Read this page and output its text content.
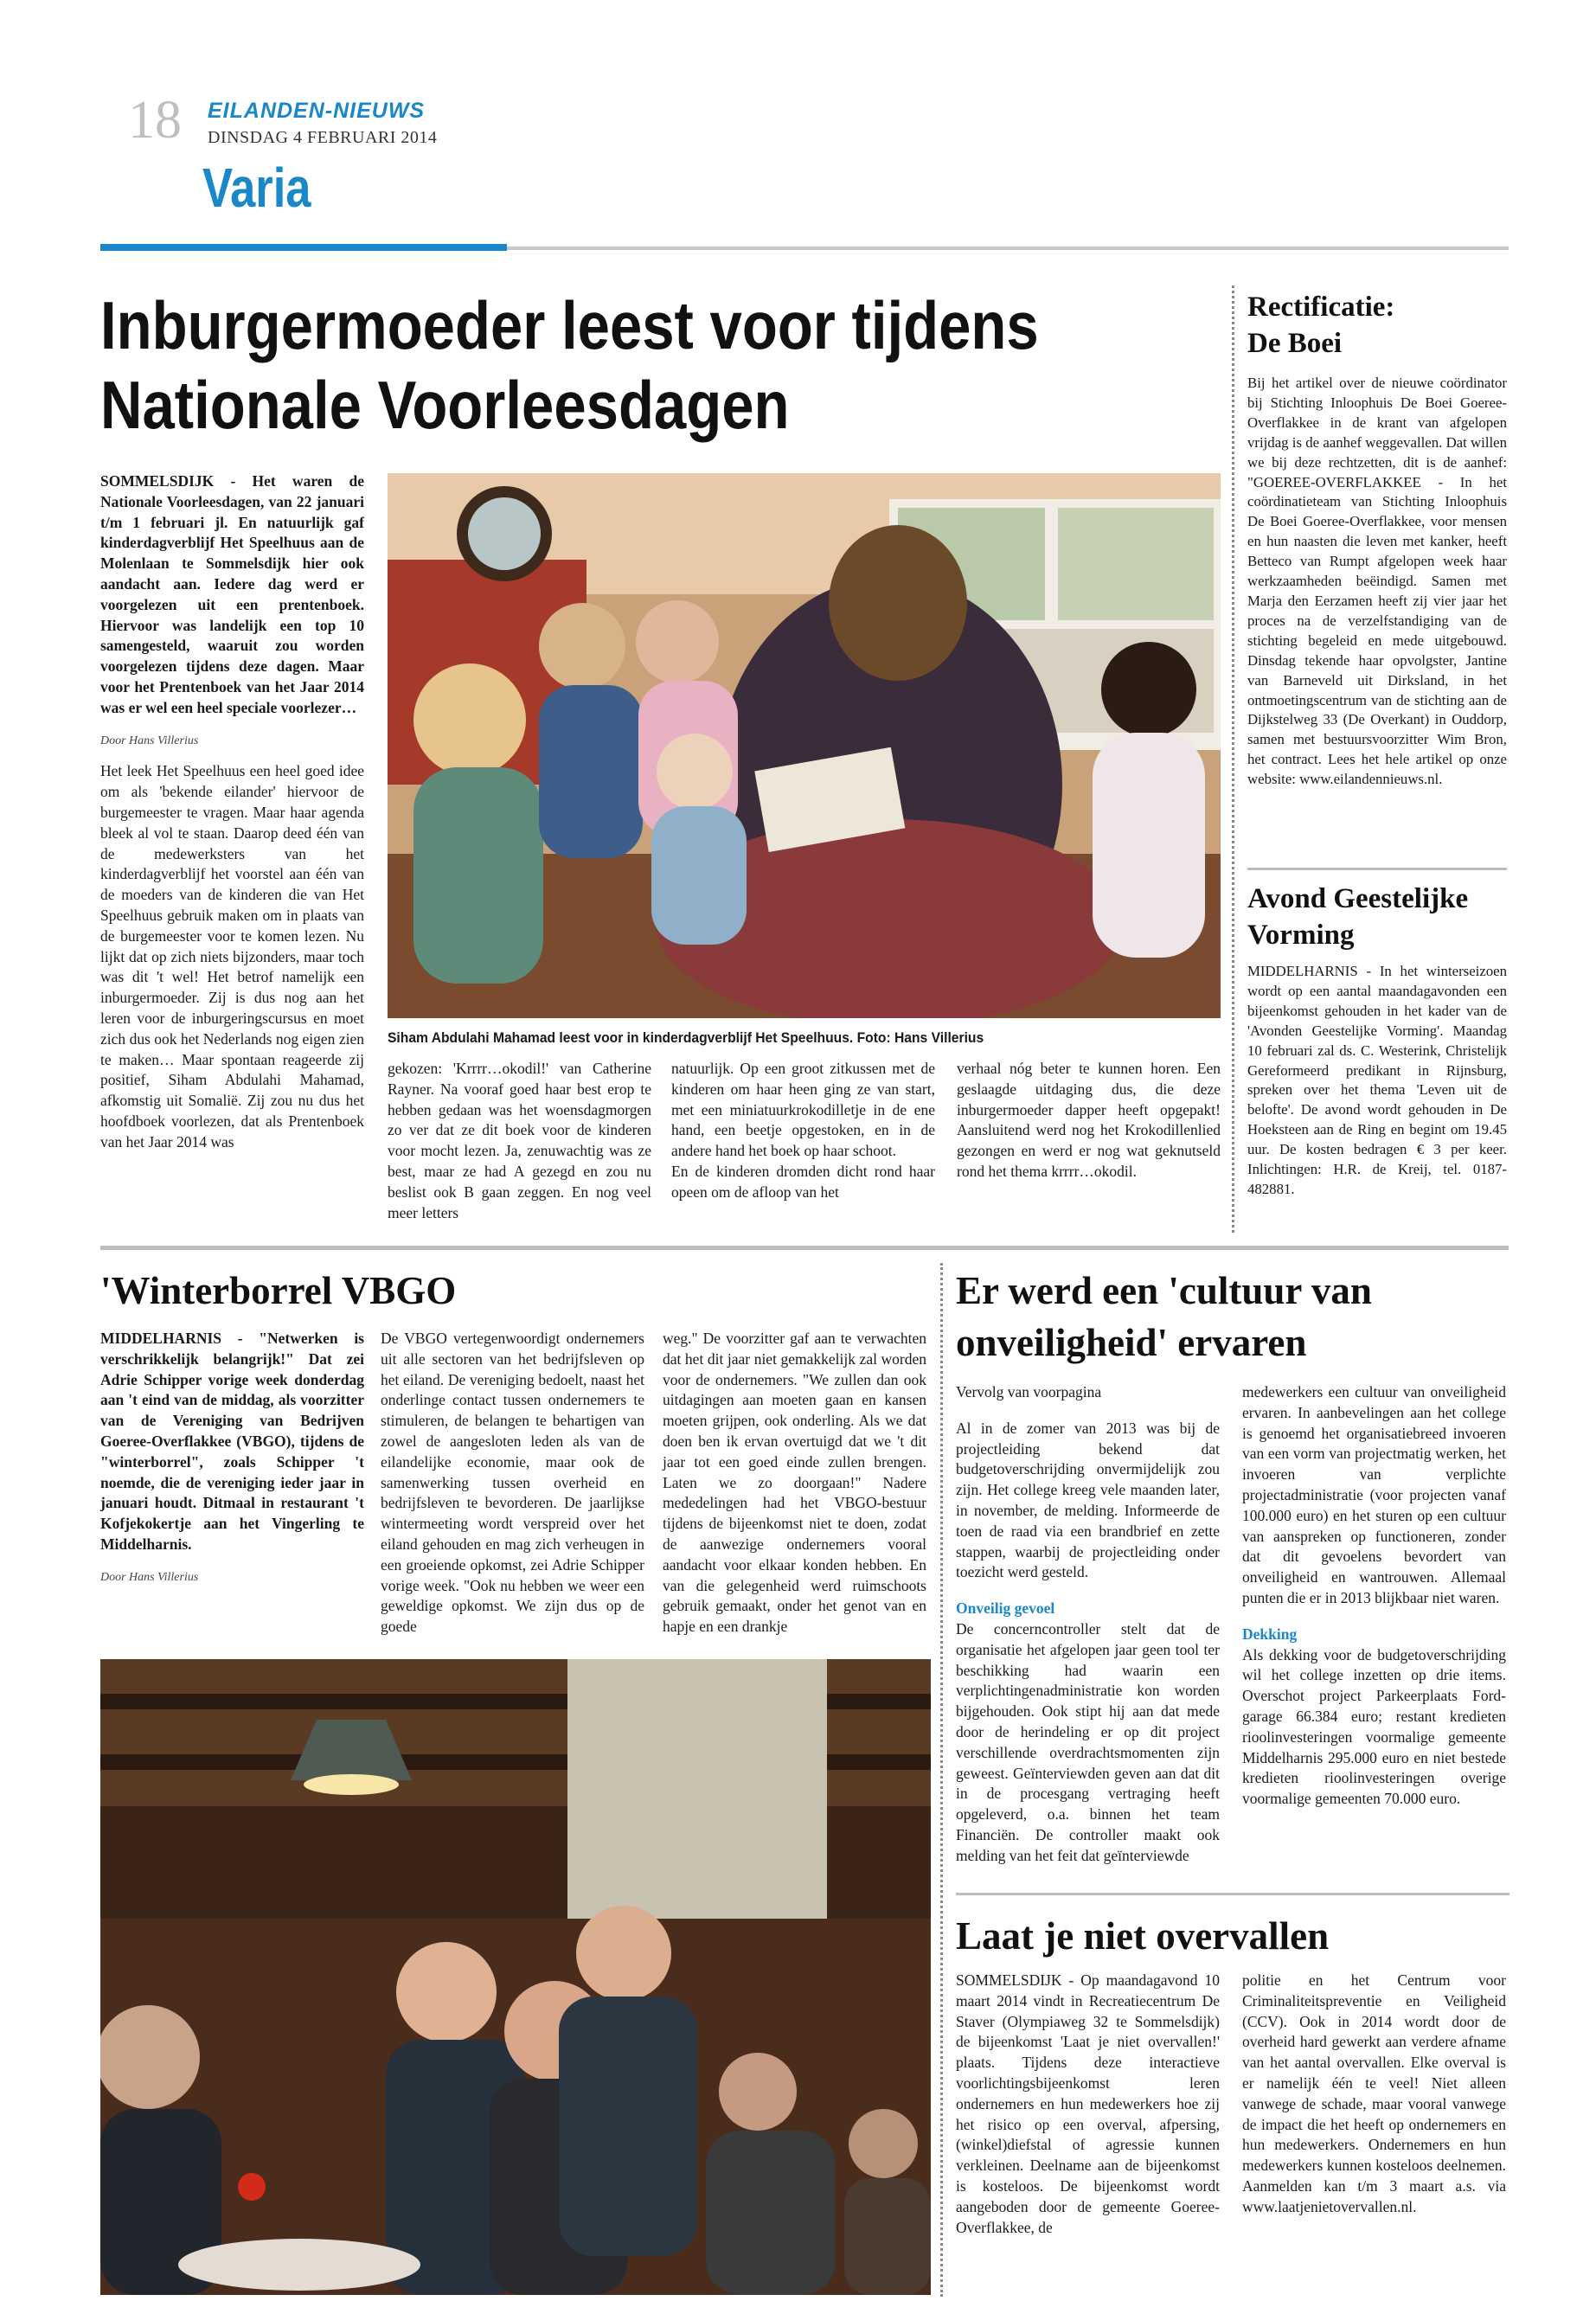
18 EILANDEN-NIEUWS
DINSDAG 4 FEBRUARI 2014
Varia
Inburgermoeder leest voor tijdens
Nationale Voorleesdagen

SOMMELSDIJK - Het waren de Nationale Voorleesdagen, van 22 januari t/m 1 februari jl. En natuurlijk gaf kinderdagverblijf Het Speelhuus aan de Molenlaan te Sommelsdijk hier ook aandacht aan. Iedere dag werd er voorgelezen uit een prentenboek. Hiervoor was landelijk een top 10 samengesteld, waaruit zou worden voorgelezen tijdens deze dagen. Maar voor het Prentenboek van het Jaar 2014 was er wel een heel speciale voorlezer…

Door Hans Villerius

Het leek Het Speelhuus een heel goed idee om als 'bekende eilander' hiervoor de burgemeester te vragen. Maar haar agenda bleek al vol te staan. Daarop deed één van de medewerksters van het kinderdagverblijf het voorstel aan één van de moeders van de kinderen die van Het Speelhuus gebruik maken om in plaats van de burgemeester voor te komen lezen. Nu lijkt dat op zich niets bijzonders, maar toch was dit 't wel! Het betrof namelijk een inburgermoeder. Zij is dus nog aan het leren voor de inburgeringscursus en moet zich dus ook het Nederlands nog eigen zien te maken… Maar spontaan reageerde zij positief, Siham Abdulahi Mahamad, afkomstig uit Somalië. Zij zou nu dus het hoofdboek voorlezen, dat als Prentenboek van het Jaar 2014 was

Siham Abdulahi Mahamad leest voor in kinderdagverblijf Het Speelhuus. Foto: Hans Villerius

gekozen: 'Krrrr…okodil!' van Catherine Rayner. Na vooraf goed haar best erop te hebben gedaan was het woensdagmorgen zo ver dat ze dit boek voor de kinderen voor mocht lezen. Ja, zenuwachtig was ze best, maar ze had A gezegd en zou nu beslist ook B gaan zeggen. En nog veel meer letters

natuurlijk. Op een groot zitkussen met de kinderen om haar heen ging ze van start, met een miniatuurkrokodilletje in de ene hand, een beetje opgestoken, en in de andere hand het boek op haar schoot.

En de kinderen dromden dicht rond haar opeen om de afloop van het

verhaal nóg beter te kunnen horen. Een geslaagde uitdaging dus, die deze inburgermoeder dapper heeft opgepakt! Aansluitend werd nog het Krokodillenlied gezongen en werd er nog wat geknutseld rond het thema krrrr…okodil.

Rectificatie:
De Boei
Bij het artikel over de nieuwe coördinator bij Stichting Inloophuis De Boei Goeree-Overflakkee in de krant van afgelopen vrijdag is de aanhef weggevallen. Dat willen we bij deze rechtzetten, dit is de aanhef: "GOEREE-OVERFLAKKEE - In het coördinatieteam van Stichting Inloophuis De Boei Goeree-Overflakkee, voor mensen en hun naasten die leven met kanker, heeft Betteco van Rumpt afgelopen week haar werkzaamheden beëindigd. Samen met Marja den Eerzamen heeft zij vier jaar het proces na de verzelfstandiging van de stichting begeleid en mede uitgebouwd. Dinsdag tekende haar opvolgster, Jantine van Barneveld uit Dirksland, in het ontmoetingscentrum van de stichting aan de Dijkstelweg 33 (De Overkant) in Ouddorp, samen met bestuursvoorzitter Wim Bron, het contract. Lees het hele artikel op onze website: www.eilandennieuws.nl.
Avond Geestelijke
Vorming
MIDDELHARNIS - In het winterseizoen wordt op een aantal maandagavonden een bijeenkomst gehouden in het kader van de 'Avonden Geestelijke Vorming'. Maandag 10 februari zal ds. C. Westerink, Christelijk Gereformeerd predikant in Rijnsburg, spreken over het thema 'Leven uit de belofte'. De avond wordt gehouden in De Hoeksteen aan de Ring en begint om 19.45 uur. De kosten bedragen € 3 per keer. Inlichtingen: H.R. de Kreij, tel. 0187-482881.
'Winterborrel VBGO

MIDDELHARNIS - "Netwerken is verschrikkelijk belangrijk!" Dat zei Adrie Schipper vorige week donderdag aan 't eind van de middag, als voorzitter van de Vereniging van Bedrijven Goeree-Overflakkee (VBGO), tijdens de "winterborrel", zoals Schipper 't noemde, die de vereniging ieder jaar in januari houdt. Ditmaal in restaurant 't Kofjekokertje aan het Vingerling te Middelharnis.

Door Hans Villerius

De VBGO vertegenwoordigt ondernemers uit alle sectoren van het bedrijfsleven op het eiland. De vereniging bedoelt, naast het onderlinge contact tussen ondernemers te stimuleren, de belangen te behartigen van zowel de aangesloten leden als van de eilandelijke economie, maar ook de samenwerking tussen overheid en bedrijfsleven te bevorderen. De jaarlijkse wintermeeting wordt verspreid over het eiland gehouden en mag zich verheugen in een groeiende opkomst, zei Adrie Schipper vorige week. "Ook nu hebben we weer een geweldige opkomst. We zijn dus op de goede

weg." De voorzitter gaf aan te verwachten dat het dit jaar niet gemakkelijk zal worden voor de ondernemers. "We zullen dan ook uitdagingen aan moeten gaan en kansen moeten grijpen, ook onderling. Als we dat doen ben ik ervan overtuigd dat we 't dit jaar tot een goed einde zullen brengen. Laten we zo doorgaan!" Nadere mededelingen had het VBGO-bestuur tijdens de bijeenkomst niet te doen, zodat de aanwezige ondernemers vooral aandacht voor elkaar konden hebben. En van die gelegenheid werd ruimschoots gebruik gemaakt, onder het genot van en hapje en een drankje

Er werd een 'cultuur van
onveiligheid' ervaren

Vervolg van voorpagina

Al in de zomer van 2013 was bij de projectleiding bekend dat budgetoverschrijding onvermijdelijk zou zijn. Het college kreeg vele maanden later, in november, de melding. Informeerde de toen de raad via een brandbrief en zette stappen, waarbij de projectleiding onder toezicht werd gesteld.

Onveilig gevoel

De concerncontroller stelt dat de organisatie het afgelopen jaar geen tool ter beschikking had waarin een verplichtingenadministratie kon worden bijgehouden. Ook stipt hij aan dat mede door de herindeling er op dit project verschillende overdrachtsmomenten zijn geweest. Geïnterviewden geven aan dat dit in de procesgang vertraging heeft opgeleverd, o.a. binnen het team Financiën. De controller maakt ook melding van het feit dat geïnterviewde

medewerkers een cultuur van onveiligheid ervaren. In aanbevelingen aan het college is genoemd het organisatiebreed invoeren van een vorm van projectmatig werken, het invoeren van verplichte projectadministratie (voor projecten vanaf 100.000 euro) en het sturen op een cultuur van aanspreken op functioneren, zonder dat dit gevoelens bevordert van onveiligheid en wantrouwen. Allemaal punten die er in 2013 blijkbaar niet waren.

Dekking

Als dekking voor de budgetoverschrijding wil het college inzetten op drie items. Overschot project Parkeerplaats Ford-garage 66.384 euro; restant kredieten rioolinvesteringen voormalige gemeente Middelharnis 295.000 euro en niet bestede kredieten rioolinvesteringen overige voormalige gemeenten 70.000 euro.

Laat je niet overvallen
SOMMELSDIJK - Op maandagavond 10 maart 2014 vindt in Recreatiecentrum De Staver (Olympiaweg 32 te Sommelsdijk) de bijeenkomst 'Laat je niet overvallen!' plaats. Tijdens deze interactieve voorlichtingsbijeenkomst leren ondernemers en hun medewerkers hoe zij het risico op een overval, afpersing, (winkel)diefstal of agressie kunnen verkleinen. Deelname aan de bijeenkomst is kosteloos. De bijeenkomst wordt aangeboden door de gemeente Goeree-Overflakkee, de
politie en het Centrum voor Criminaliteitspreventie en Veiligheid (CCV). Ook in 2014 wordt door de overheid hard gewerkt aan verdere afname van het aantal overvallen. Elke overval is er namelijk één te veel! Niet alleen vanwege de schade, maar vooral vanwege de impact die het heeft op ondernemers en hun medewerkers. Ondernemers en hun medewerkers kunnen kosteloos deelnemen. Aanmelden kan t/m 3 maart a.s. via www.laatjenietovervallen.nl.
